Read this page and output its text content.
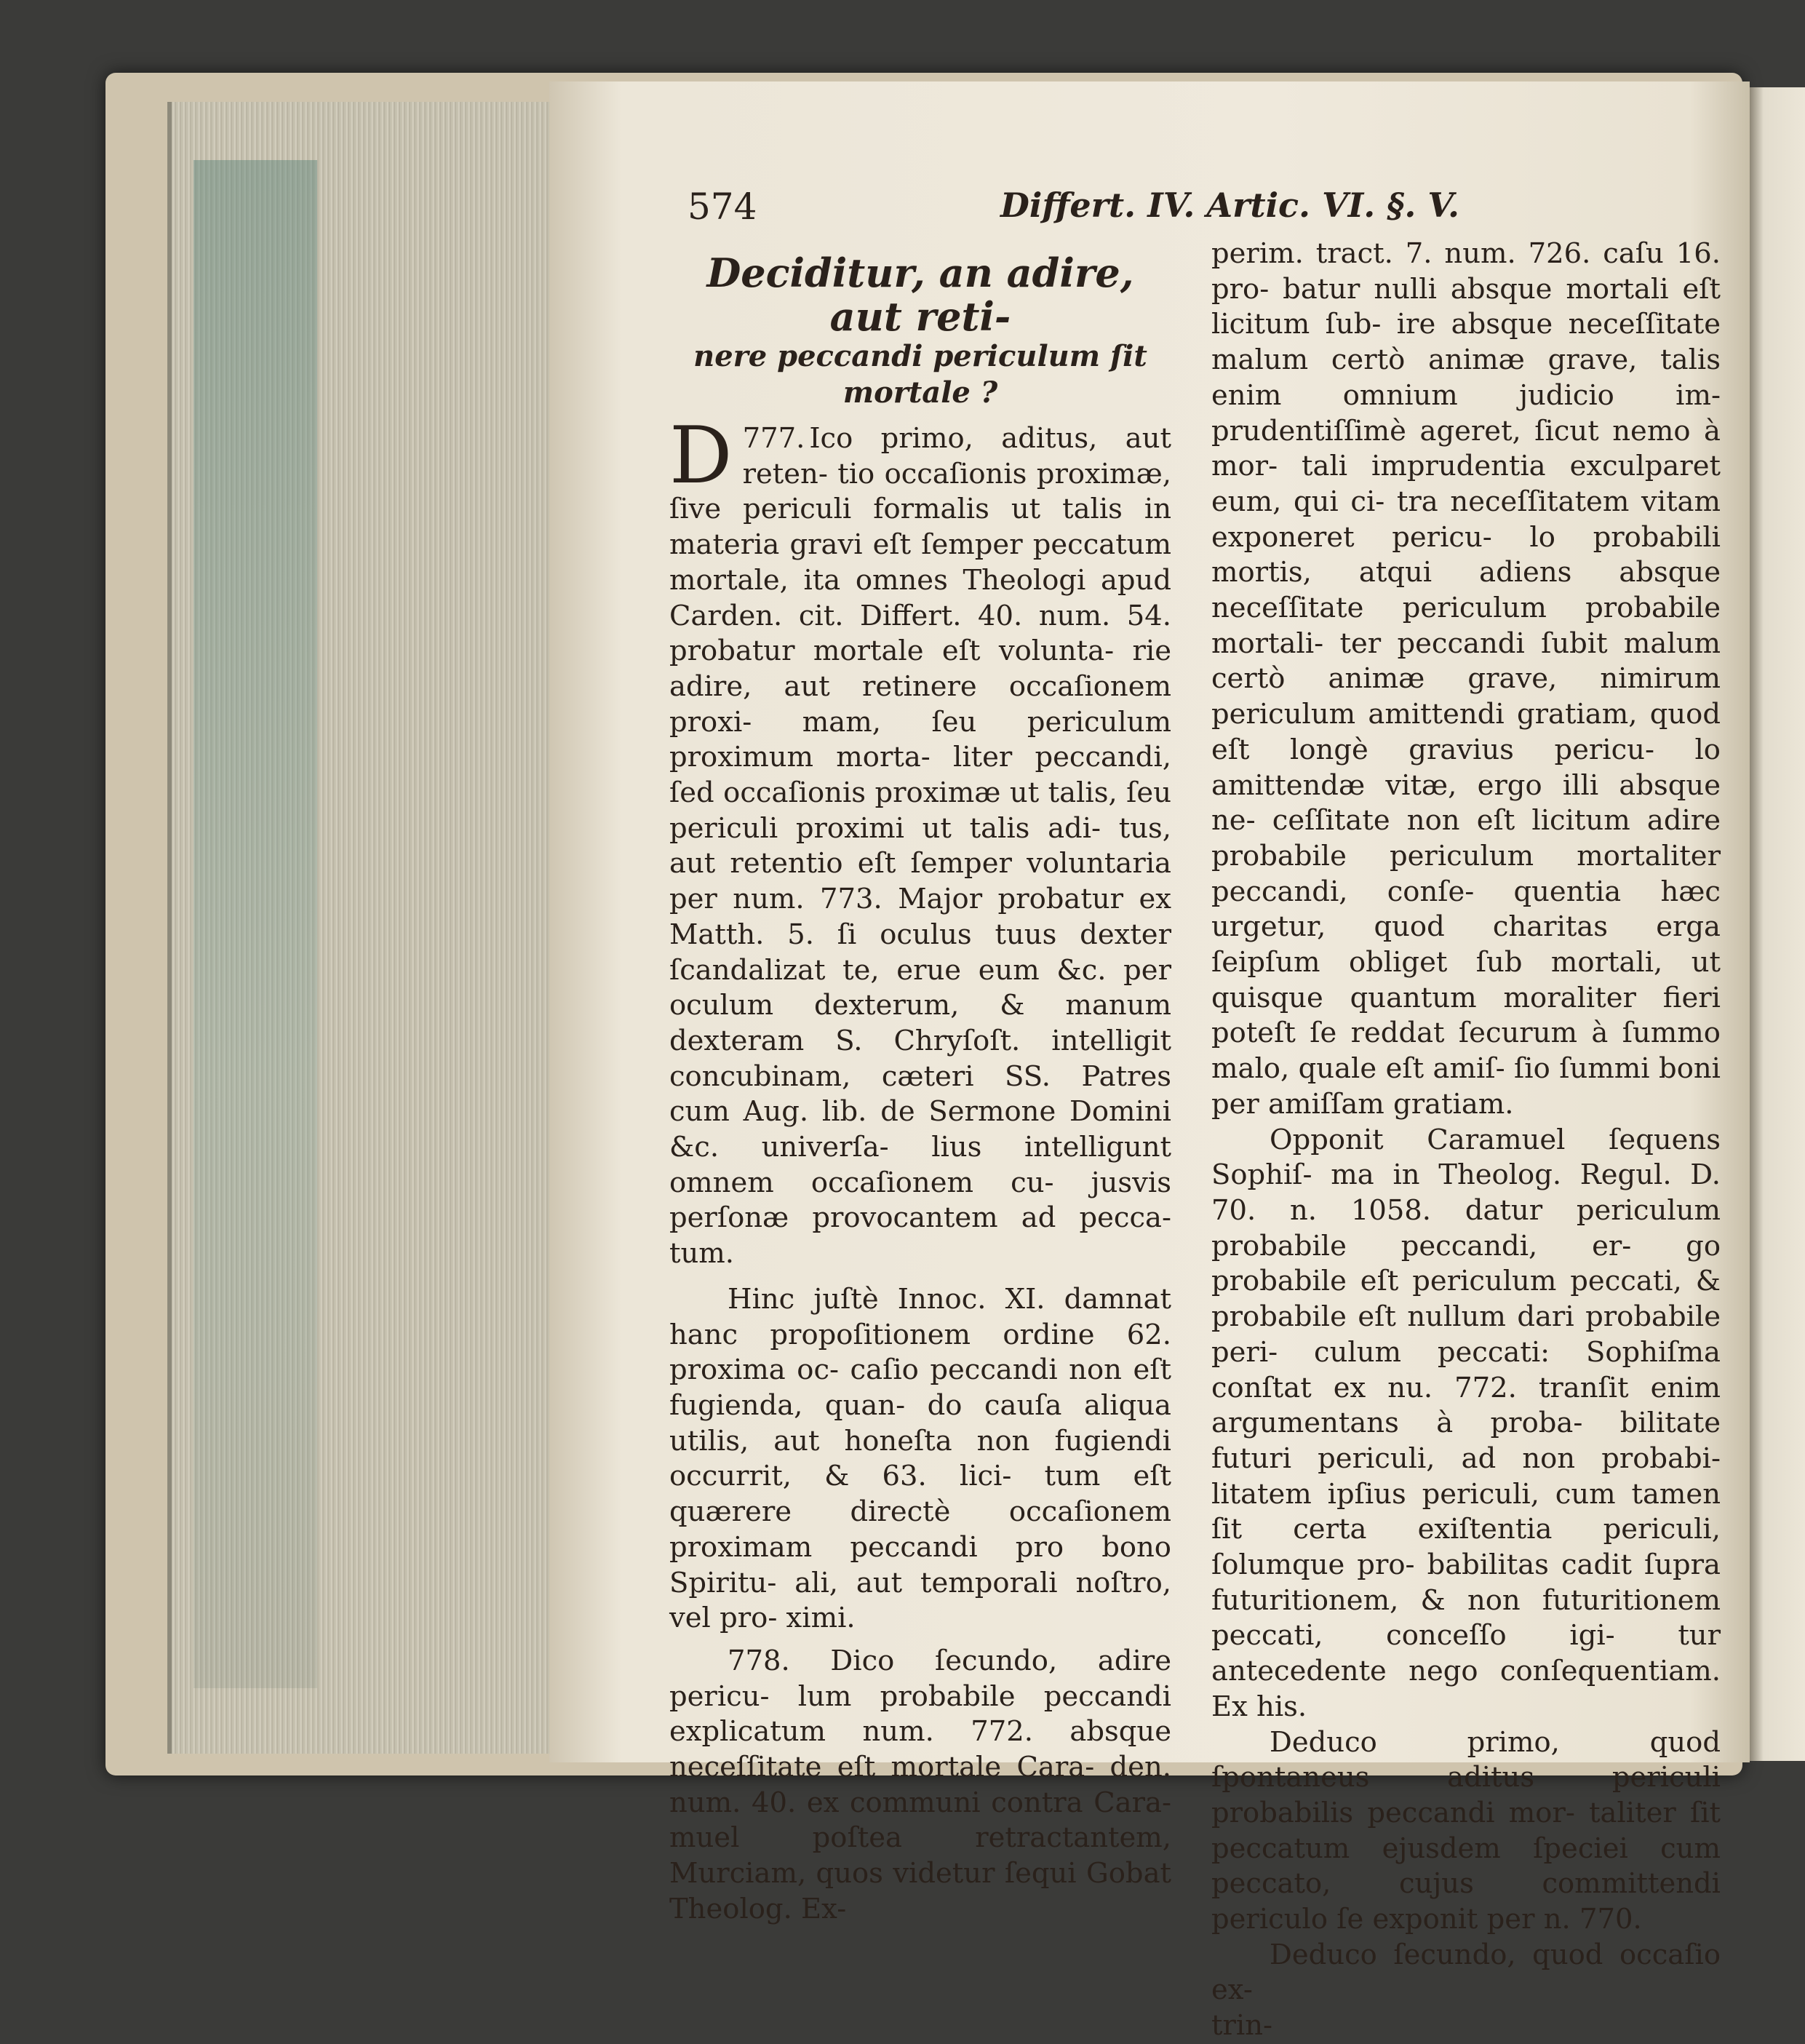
574	Differt. IV. Artic. VI. §. V.
Deciditur, an adire, aut reti-
nere peccandi periculum ſit
mortale ?

777.
D	Ico primo, aditus, aut reten- tio occaſionis proximæ, ſive periculi formalis ut talis in materia gravi eſt ſemper peccatum mortale, ita omnes Theologi apud Carden. cit. Differt. 40. num. 54. probatur mortale eſt volunta- rie adire, aut retinere occaſionem proxi- mam, ſeu periculum proximum morta- liter peccandi, ſed occaſionis proximæ ut talis, ſeu periculi proximi ut talis adi- tus, aut retentio eſt ſemper voluntaria per num. 773. Major probatur ex Matth. 5. ſi oculus tuus dexter ſcandalizat te, erue eum &c. per oculum dexterum, & manum dexteram S. Chryſoſt. intelligit concubinam, cæteri SS. Patres cum Aug. lib. de Sermone Domini &c. univerſa- lius intelligunt omnem occaſionem cu- jusvis perſonæ provocantem ad pecca- tum.

Hinc juſtè Innoc. XI. damnat hanc propoſitionem ordine 62. proxima oc- caſio peccandi non eſt fugienda, quan- do cauſa aliqua utilis, aut honeſta non fugiendi occurrit, & 63. lici- tum eſt quærere directè occaſionem proximam peccandi pro bono Spiritu- ali, aut temporali noſtro, vel pro- ximi.

778. Dico ſecundo, adire pericu- lum probabile peccandi explicatum num. 772. absque neceſſitate eſt mortale Cara- den. num. 40. ex communi contra Cara- muel poſtea retractantem, Murciam, quos videtur ſequi Gobat Theolog. Ex-

perim. tract. 7. num. 726. caſu 16. pro- batur nulli absque mortali eſt licitum ſub- ire absque neceſſitate malum certò animæ grave, talis enim omnium judicio im- prudentiſſimè ageret, ſicut nemo à mor- tali imprudentia exculparet eum, qui ci- tra neceſſitatem vitam exponeret pericu- lo probabili mortis, atqui adiens absque neceſſitate periculum probabile mortali- ter peccandi ſubit malum certò animæ grave, nimirum periculum amittendi gratiam, quod eſt longè gravius pericu- lo amittendæ vitæ, ergo illi absque ne- ceſſitate non eſt licitum adire probabile periculum mortaliter peccandi, conſe- quentia hæc urgetur, quod charitas erga ſeipſum obliget ſub mortali, ut quisque quantum moraliter fieri poteſt ſe reddat ſecurum à ſummo malo, quale eſt amiſ- ſio ſummi boni per amiſſam gratiam.

Opponit Caramuel ſequens Sophiſ- ma in Theolog. Regul. D. 70. n. 1058. datur periculum probabile peccandi, er- go probabile eſt periculum peccati, & probabile eſt nullum dari probabile peri- culum peccati: Sophiſma conſtat ex nu. 772. tranſit enim argumentans à proba- bilitate futuri periculi, ad non probabi- litatem ipſius periculi, cum tamen ſit certa exiſtentia periculi, ſolumque pro- babilitas cadit ſupra futuritionem, & non futuritionem peccati, conceſſo igi- tur antecedente nego conſequentiam. Ex his.

Deduco primo, quod ſpontaneus aditus periculi probabilis peccandi mor- taliter ſit peccatum ejusdem ſpeciei cum peccato, cujus committendi periculo ſe exponit per n. 770.

Deduco ſecundo, quod occaſio ex-

trin-
